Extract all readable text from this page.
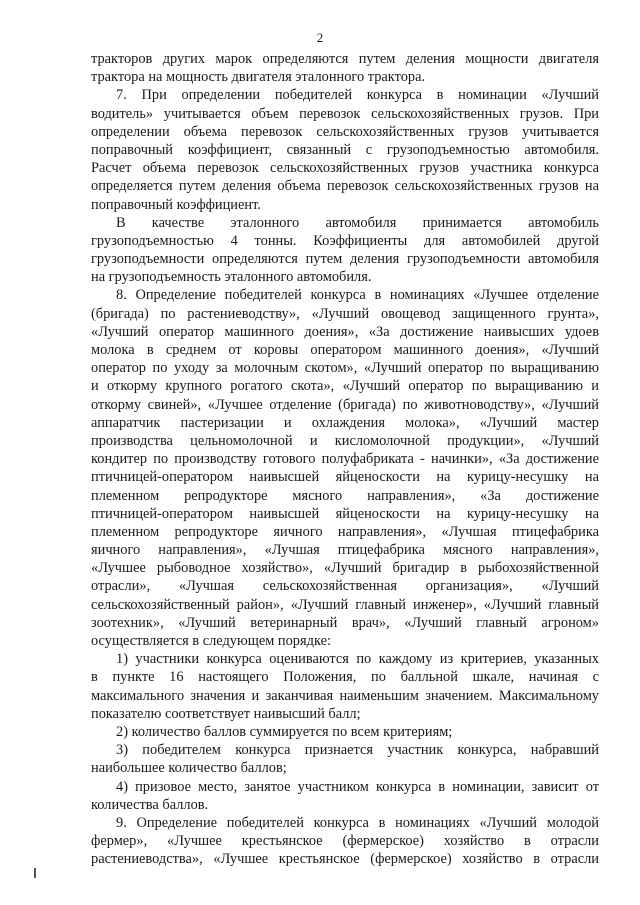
2
тракторов других марок определяются путем деления мощности двигателя
трактора на мощность двигателя эталонного трактора.
7. При определении победителей конкурса в номинации «Лучший
водитель» учитывается объем перевозок сельскохозяйственных грузов. При
определении объема перевозок сельскохозяйственных грузов учитывается
поправочный коэффициент, связанный с грузоподъемностью автомобиля.
Расчет объема перевозок сельскохозяйственных грузов участника конкурса
определяется путем деления объема перевозок сельскохозяйственных грузов на
поправочный коэффициент.
В качестве эталонного автомобиля принимается автомобиль
грузоподъемностью 4 тонны. Коэффициенты для автомобилей другой
грузоподъемности определяются путем деления грузоподъемности автомобиля
на грузоподъемность эталонного автомобиля.
8. Определение победителей конкурса в номинациях «Лучшее отделение
(бригада) по растениеводству», «Лучший овощевод защищенного грунта»,
«Лучший оператор машинного доения», «За достижение наивысших удоев
молока в среднем от коровы оператором машинного доения», «Лучший
оператор по уходу за молочным скотом», «Лучший оператор по выращиванию
и откорму крупного рогатого скота», «Лучший оператор по выращиванию и
откорму свиней», «Лучшее отделение (бригада) по животноводству», «Лучший
аппаратчик пастеризации и охлаждения молока», «Лучший мастер
производства цельномолочной и кисломолочной продукции», «Лучший
кондитер по производству готового полуфабриката - начинки», «За достижение
птичницей-оператором наивысшей яйценоскости на курицу-несушку на
племенном репродукторе мясного направления», «За достижение
птичницей-оператором наивысшей яйценоскости на курицу-несушку на
племенном репродукторе яичного направления», «Лучшая птицефабрика
яичного направления», «Лучшая птицефабрика мясного направления»,
«Лучшее рыбоводное хозяйство», «Лучший бригадир в рыбохозяйственной
отрасли», «Лучшая сельскохозяйственная организация», «Лучший
сельскохозяйственный район», «Лучший главный инженер», «Лучший главный
зоотехник», «Лучший ветеринарный врач», «Лучший главный агроном»
осуществляется в следующем порядке:
1) участники конкурса оцениваются по каждому из критериев, указанных
в пункте 16 настоящего Положения, по балльной шкале, начиная с
максимального значения и заканчивая наименьшим значением. Максимальному
показателю соответствует наивысший балл;
2) количество баллов суммируется по всем критериям;
3) победителем конкурса признается участник конкурса, набравший
наибольшее количество баллов;
4) призовое место, занятое участником конкурса в номинации, зависит от
количества баллов.
9. Определение победителей конкурса в номинациях «Лучший молодой
фермер», «Лучшее крестьянское (фермерское) хозяйство в отрасли
растениеводства», «Лучшее крестьянское (фермерское) хозяйство в отрасли
